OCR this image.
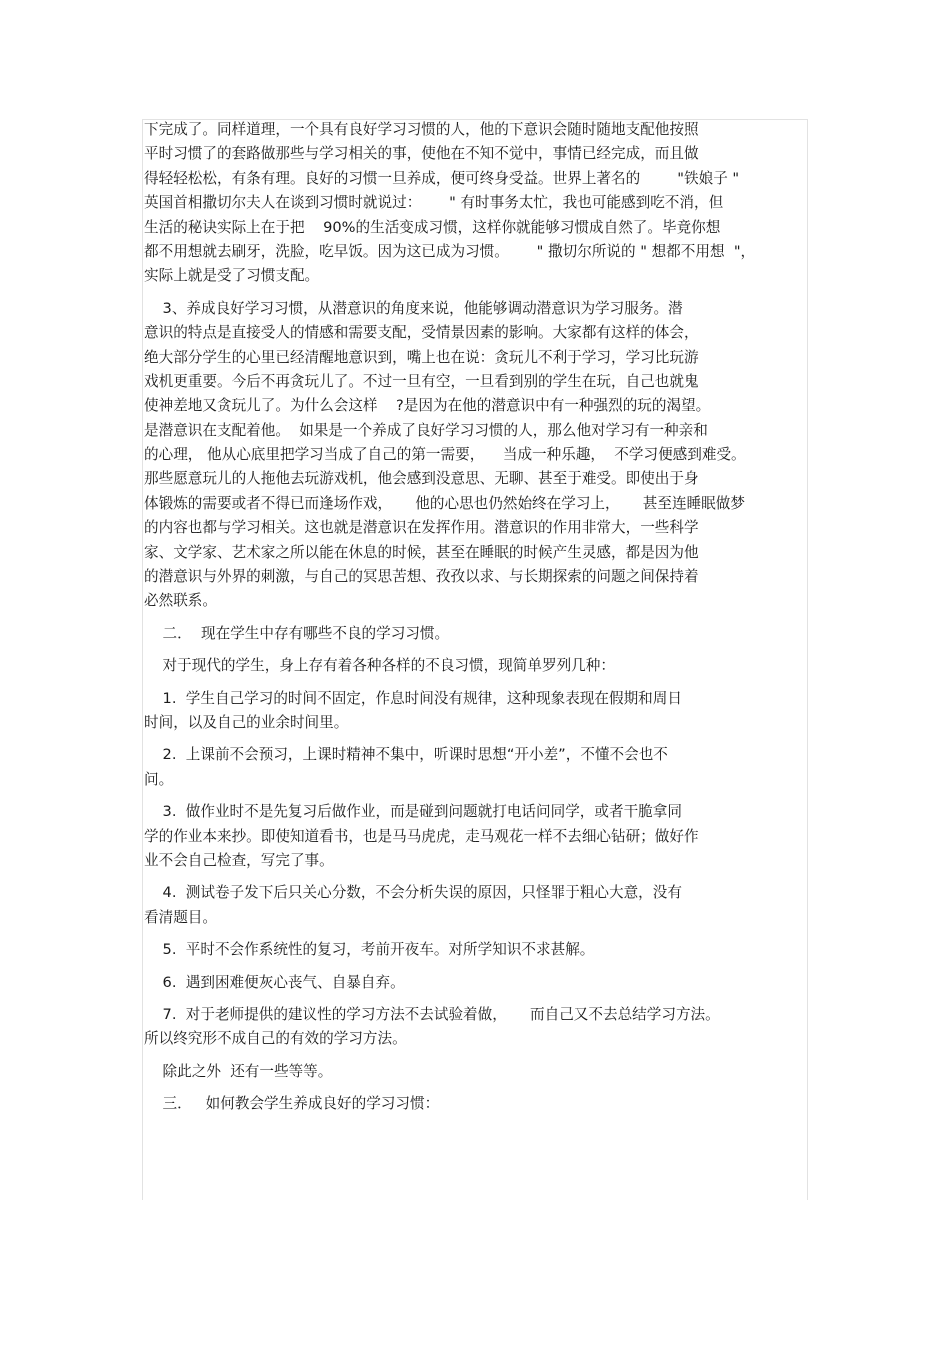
下完成了。同样道理，一个具有良好学习习惯的人，他的下意识会随时随地支配他按照
平时习惯了的套路做那些与学习相关的事，使他在不知不觉中，事情已经完成，而且做
得轻轻松松，有条有理。良好的习惯一旦养成，便可终身受益。世界上著名的        "铁娘子 "
英国首相撒切尔夫人在谈到习惯时就说过：      " 有时事务太忙，我也可能感到吃不消，但
生活的秘诀实际上在于把    90%的生活变成习惯，这样你就能够习惯成自然了。毕竟你想
都不用想就去刷牙，洗脸，吃早饭。因为这已成为习惯。      " 撒切尔所说的 " 想都不用想  "，
实际上就是受了习惯支配。
3、养成良好学习习惯，从潜意识的角度来说，他能够调动潜意识为学习服务。潜
意识的特点是直接受人的情感和需要支配，受情景因素的影响。大家都有这样的体会，
绝大部分学生的心里已经清醒地意识到，嘴上也在说：贪玩儿不利于学习，学习比玩游
戏机更重要。今后不再贪玩儿了。不过一旦有空，一旦看到别的学生在玩，自己也就鬼
使神差地又贪玩儿了。为什么会这样    ?是因为在他的潜意识中有一种强烈的玩的渴望。
是潜意识在支配着他。  如果是一个养成了良好学习习惯的人，那么他对学习有一种亲和
的心理， 他从心底里把学习当成了自己的第一需要，    当成一种乐趣，  不学习便感到难受。
那些愿意玩儿的人拖他去玩游戏机，他会感到没意思、无聊、甚至于难受。即使出于身
体锻炼的需要或者不得已而逢场作戏，     他的心思也仍然始终在学习上，     甚至连睡眠做梦
的内容也都与学习相关。这也就是潜意识在发挥作用。潜意识的作用非常大，一些科学
家、文学家、艺术家之所以能在休息的时候，甚至在睡眠的时候产生灵感，都是因为他
的潜意识与外界的刺激，与自己的冥思苦想、孜孜以求、与长期探索的问题之间保持着
必然联系。
二．  现在学生中存有哪些不良的学习习惯。
对于现代的学生，身上存有着各种各样的不良习惯，现简单罗列几种：
1.  学生自己学习的时间不固定，作息时间没有规律，这种现象表现在假期和周日
时间，以及自己的业余时间里。
2.  上课前不会预习，上课时精神不集中，听课时思想“开小差”，不懂不会也不
问。
3.  做作业时不是先复习后做作业，而是碰到问题就打电话问同学，或者干脆拿同
学的作业本来抄。即使知道看书，也是马马虎虎，走马观花一样不去细心钻研；做好作
业不会自己检查，写完了事。
4.  测试卷子发下后只关心分数，不会分析失误的原因，只怪罪于粗心大意，没有
看清题目。
5.  平时不会作系统性的复习，考前开夜车。对所学知识不求甚解。
6.  遇到困难便灰心丧气、自暴自弃。
7.  对于老师提供的建议性的学习方法不去试验着做，     而自己又不去总结学习方法。
所以终究形不成自己的有效的学习方法。
除此之外  还有一些等等。
三．   如何教会学生养成良好的学习习惯：
